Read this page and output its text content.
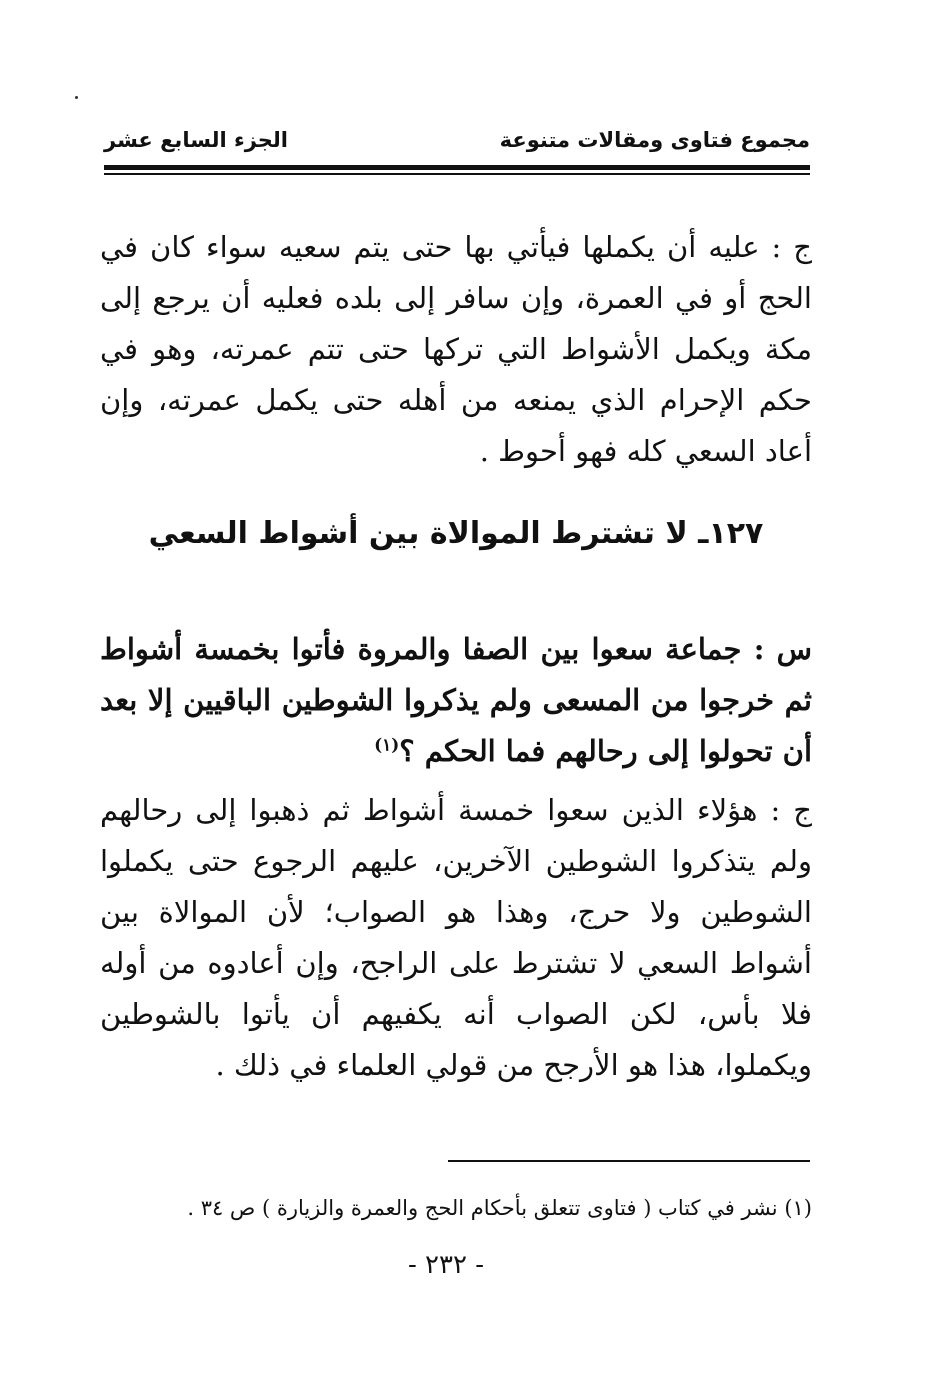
مجموع فتاوى ومقالات متنوعة
الجزء السابع عشر
ج : عليه أن يكملها فيأتي بها حتى يتم سعيه سواء كان في الحج أو في العمرة، وإن سافر إلى بلده فعليه أن يرجع إلى مكة ويكمل الأشواط التي تركها حتى تتم عمرته، وهو في حكم الإحرام الذي يمنعه من أهله حتى يكمل عمرته، وإن أعاد السعي كله فهو أحوط .
١٢٧ـ لا تشترط الموالاة بين أشواط السعي
س : جماعة سعوا بين الصفا والمروة فأتوا بخمسة أشواط ثم خرجوا من المسعى ولم يذكروا الشوطين الباقيين إلا بعد أن تحولوا إلى رحالهم فما الحكم ؟$^{(١)}$
ج : هؤلاء الذين سعوا خمسة أشواط ثم ذهبوا إلى رحالهم ولم يتذكروا الشوطين الآخرين، عليهم الرجوع حتى يكملوا الشوطين ولا حرج، وهذا هو الصواب؛ لأن الموالاة بين أشواط السعي لا تشترط على الراجح، وإن أعادوه من أوله فلا بأس، لكن الصواب أنه يكفيهم أن يأتوا بالشوطين ويكملوا، هذا هو الأرجح من قولي العلماء في ذلك .
(١) نشر في كتاب ( فتاوى تتعلق بأحكام الحج والعمرة والزيارة ) ص ٣٤ .
- ٢٣٢ -
